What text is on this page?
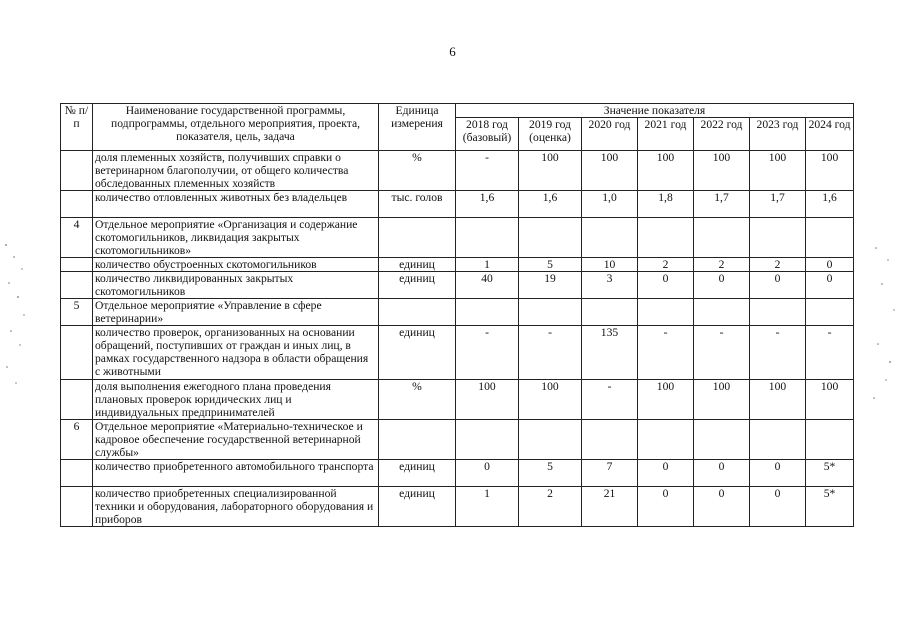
6
№ п/п	Наименование государственной программы, подпрограммы, отдельного мероприятия, проекта, показателя, цель, задача	Единица измерения	Значение показателя						
			2018 год (базовый)	2019 год (оценка)	2020 год	2021 год	2022 год	2023 год	2024 год
	доля племенных хозяйств, получивших справки о ветеринарном благополучии, от общего количества обследованных племенных хозяйств	%	-	100	100	100	100	100	100
	количество отловленных животных без владельцев	тыс. голов	1,6	1,6	1,0	1,8	1,7	1,7	1,6
4	Отдельное мероприятие «Организация и содержание скотомогильников, ликвидация закрытых скотомогильников»								
	количество обустроенных скотомогильников	единиц	1	5	10	2	2	2	0
	количество ликвидированных закрытых скотомогильников	единиц	40	19	3	0	0	0	0
5	Отдельное мероприятие «Управление в сфере ветеринарии»								
	количество проверок, организованных на основании обращений, поступивших от граждан и иных лиц, в рамках государственного надзора в области обращения с животными	единиц	-	-	135	-	-	-	-
	доля выполнения ежегодного плана проведения плановых проверок юридических лиц и индивидуальных предпринимателей	%	100	100	-	100	100	100	100
6	Отдельное мероприятие «Материально-техническое и кадровое обеспечение государственной ветеринарной службы»								
	количество приобретенного автомобильного транспорта	единиц	0	5	7	0	0	0	5*
	количество приобретенных специализированной техники и оборудования, лабораторного оборудования и приборов	единиц	1	2	21	0	0	0	5*
